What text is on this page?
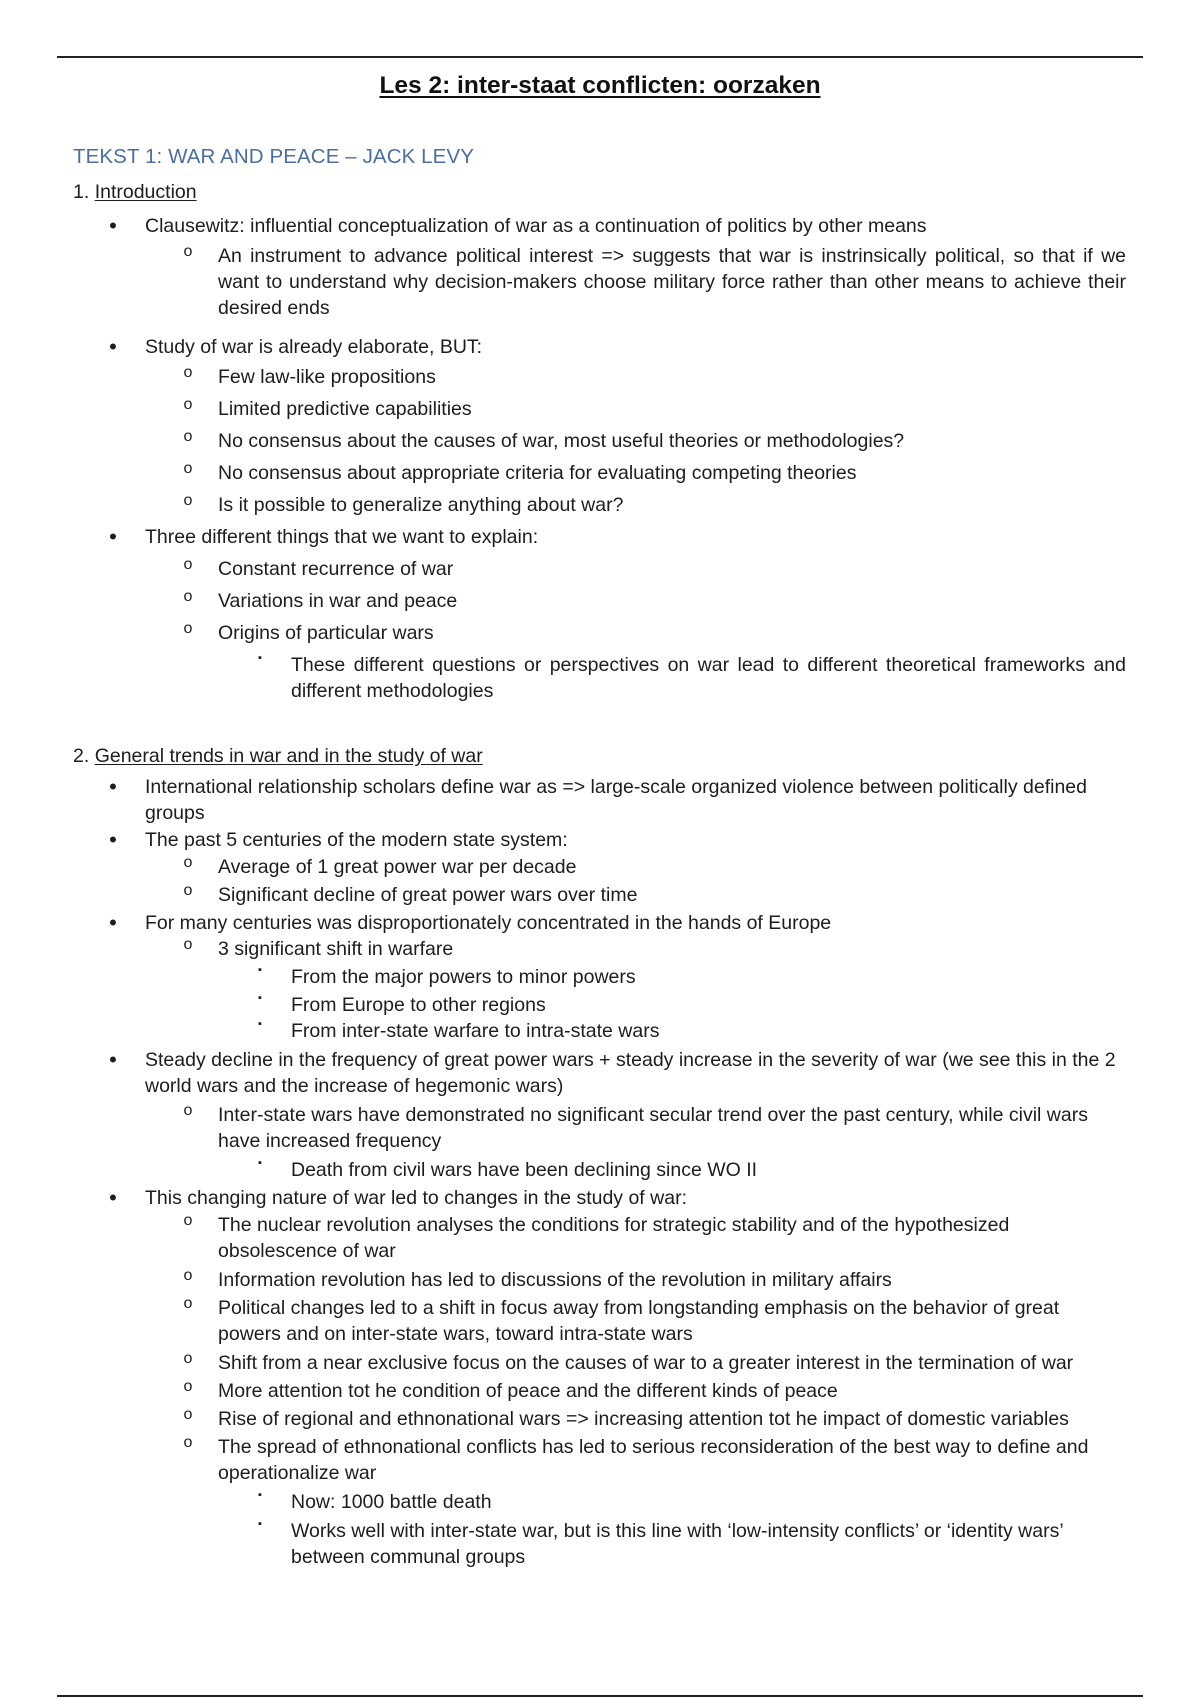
Les 2: inter-staat conflicten: oorzaken
TEKST 1: WAR AND PEACE – JACK LEVY
1. Introduction
•	Clausewitz: influential conceptualization of war as a continuation of politics by other means
o An instrument to advance political interest => suggests that war is instrinsically political, so that if we want to understand why decision-makers choose military force rather than other means to achieve their desired ends
•	Study of war is already elaborate, BUT:
o Few law-like propositions
o Limited predictive capabilities
o No consensus about the causes of war, most useful theories or methodologies?
o No consensus about appropriate criteria for evaluating competing theories
o Is it possible to generalize anything about war?
•	Three different things that we want to explain:
o Constant recurrence of war
o Variations in war and peace
o Origins of particular wars
▪	These different questions or perspectives on war lead to different theoretical frameworks and different methodologies
2. General trends in war and in the study of war
•	International relationship scholars define war as => large-scale organized violence between politically defined groups
•	The past 5 centuries of the modern state system:
o Average of 1 great power war per decade
o Significant decline of great power wars over time
•	For many centuries was disproportionately concentrated in the hands of Europe
o 3 significant shift in warfare
▪	From the major powers to minor powers
▪	From Europe to other regions
▪	From inter-state warfare to intra-state wars
•	Steady decline in the frequency of great power wars + steady increase in the severity of war (we see this in the 2 world wars and the increase of hegemonic wars)
o Inter-state wars have demonstrated no significant secular trend over the past century, while civil wars have increased frequency
▪	Death from civil wars have been declining since WO II
•	This changing nature of war led to changes in the study of war:
o The nuclear revolution analyses the conditions for strategic stability and of the hypothesized obsolescence of war
o Information revolution has led to discussions of the revolution in military affairs
o Political changes led to a shift in focus away from longstanding emphasis on the behavior of great powers and on inter-state wars, toward intra-state wars
o Shift from a near exclusive focus on the causes of war to a greater interest in the termination of war
o More attention tot he condition of peace and the different kinds of peace
o Rise of regional and ethnonational wars => increasing attention tot he impact of domestic variables
o The spread of ethnonational conflicts has led to serious reconsideration of the best way to define and operationalize war
▪	Now: 1000 battle death
▪	Works well with inter-state war, but is this line with ‘low-intensity conflicts’ or ‘identity wars’ between communal groups
